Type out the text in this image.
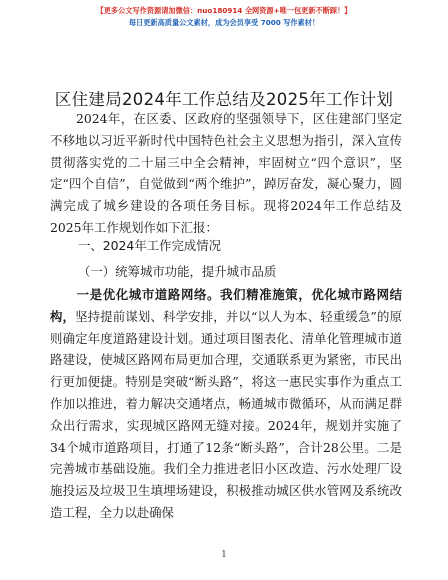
【更多公文写作资源请加微信：nuo180914 全网资源+唯一包更新不断踩！】
每日更新高质量公文素材，成为会员享受 7000 写作素材！
区住建局2024年工作总结及2025年工作计划
2024年，在区委、区政府的坚强领导下，区住建部门坚定不移地以习近平新时代中国特色社会主义思想为指引，深入宣传贯彻落实党的二十届三中全会精神，牢固树立“四个意识”，坚定“四个自信”，自觉做到“两个维护”，踔厉奋发，凝心聚力，圆满完成了城乡建设的各项任务目标。现将2024年工作总结及2025年工作规划作如下汇报：
一、2024年工作完成情况
（一）统筹城市功能，提升城市品质
一是优化城市道路网络。我们精准施策，优化城市路网结构，坚持提前谋划、科学安排，并以“以人为本、轻重缓急”的原则确定年度道路建设计划。通过项目图表化、清单化管理城市道路建设，使城区路网布局更加合理，交通联系更为紧密，市民出行更加便捷。特别是突破“断头路”，将这一惠民实事作为重点工作加以推进，着力解决交通堵点，畅通城市微循环，从而满足群众出行需求，实现城区路网无缝对接。2024年，规划并实施了34个城市道路项目，打通了12条“断头路”，合计28公里。二是完善城市基础设施。我们全力推进老旧小区改造、污水处理厂设施投运及垃圾卫生填埋场建设，积极推动城区供水管网及系统改造工程，全力以赴确保
1
